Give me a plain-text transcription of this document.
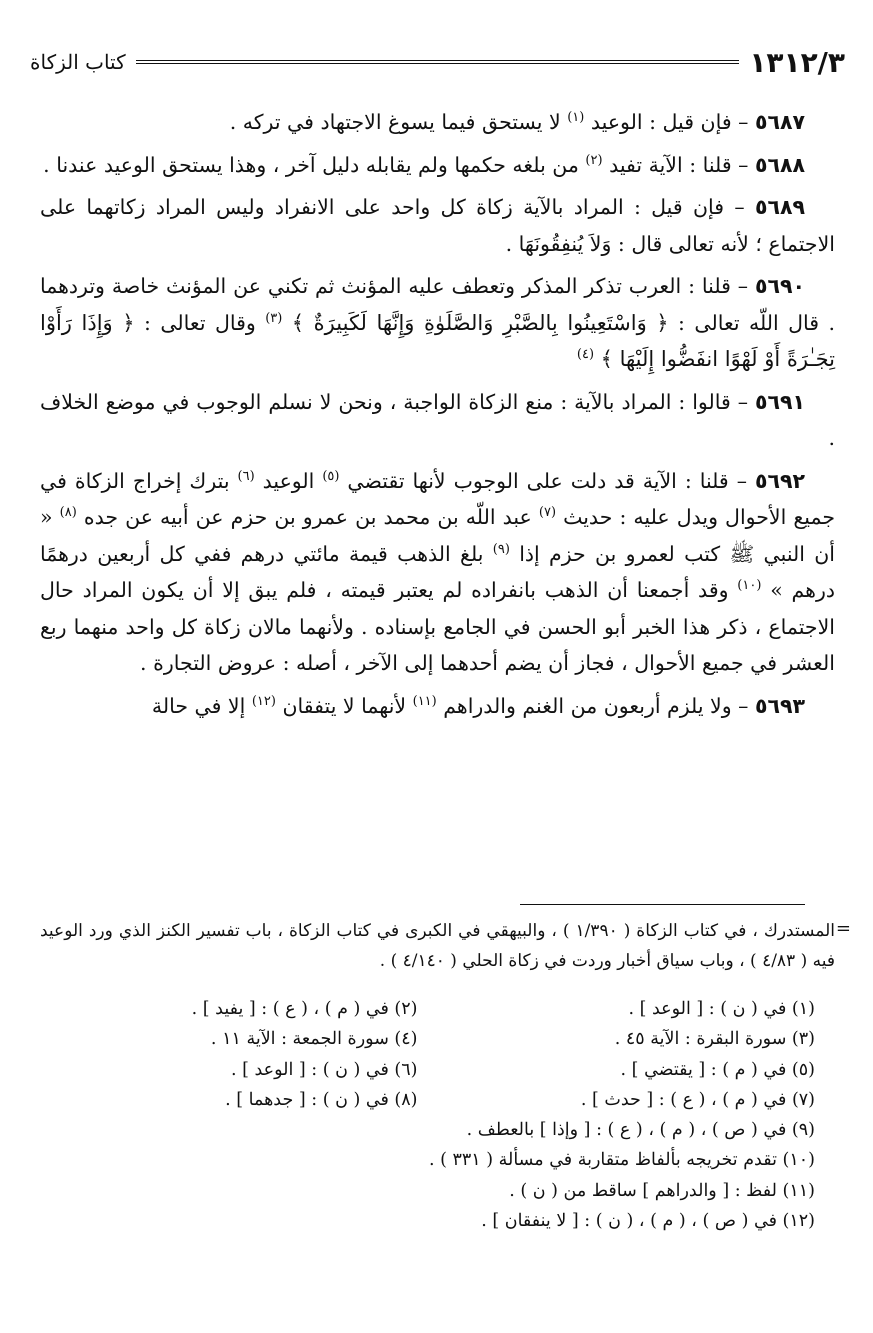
١٣١٢/٣
كتاب الزكاة
٥٦٨٧ – فإن قيل : الوعيد $^{(١)}$ لا يستحق فيما يسوغ الاجتهاد في تركه .
٥٦٨٨ – قلنا : الآية تفيد $^{(٢)}$ من بلغه حكمها ولم يقابله دليل آخر ، وهذا يستحق الوعيد عندنا .
٥٦٨٩ – فإن قيل : المراد بالآية زكاة كل واحد على الانفراد وليس المراد زكاتهما على الاجتماع ؛ لأنه تعالى قال : وَلاَ يُنفِقُونَهَا .
٥٦٩٠ – قلنا : العرب تذكر المذكر وتعطف عليه المؤنث ثم تكني عن المؤنث خاصة وتردهما . قال اللّه تعالى : ﴿ وَاسْتَعِينُوا بِالصَّبْرِ وَالصَّلَوٰةِ وَإِنَّهَا لَكَبِيرَةٌ ﴾ $^{(٣)}$ وقال تعالى : ﴿ وَإِذَا رَأَوْا تِجَـٰرَةً أَوْ لَهْوًا انفَضُّوا إِلَيْهَا ﴾ $^{(٤)}$
٥٦٩١ – قالوا : المراد بالآية : منع الزكاة الواجبة ، ونحن لا نسلم الوجوب في موضع الخلاف .
٥٦٩٢ – قلنا : الآية قد دلت على الوجوب لأنها تقتضي $^{(٥)}$ الوعيد $^{(٦)}$ بترك إخراج الزكاة في جميع الأحوال ويدل عليه : حديث $^{(٧)}$ عبد اللّه بن محمد بن عمرو بن حزم عن أبيه عن جده $^{(٨)}$ « أن النبي ﷺ كتب لعمرو بن حزم إذا $^{(٩)}$ بلغ الذهب قيمة مائتي درهم ففي كل أربعين درهمًا درهم » $^{(١٠)}$ وقد أجمعنا أن الذهب بانفراده لم يعتبر قيمته ، فلم يبق إلا أن يكون المراد حال الاجتماع ، ذكر هذا الخبر أبو الحسن في الجامع بإسناده . ولأنهما مالان زكاة كل واحد منهما ربع العشر في جميع الأحوال ، فجاز أن يضم أحدهما إلى الآخر ، أصله : عروض التجارة .
٥٦٩٣ – ولا يلزم أربعون من الغنم والدراهم $^{(١١)}$ لأنهما لا يتفقان $^{(١٢)}$ إلا في حالة
=
المستدرك ، في كتاب الزكاة ( ١/٣٩٠ ) ، والبيهقي في الكبرى في كتاب الزكاة ، باب تفسير الكنز الذي ورد الوعيد فيه ( ٤/٨٣ ) ، وباب سياق أخبار وردت في زكاة الحلي ( ٤/١٤٠ ) .
(١) في ( ن ) : [ الوعد ] .
(٢) في ( م ) ، ( ع ) : [ يفيد ] .
(٣) سورة البقرة : الآية ٤٥ .
(٤) سورة الجمعة : الآية ١١ .
(٥) في ( م ) : [ يقتضي ] .
(٦) في ( ن ) : [ الوعد ] .
(٧) في ( م ) ، ( ع ) : [ حدث ] .
(٨) في ( ن ) : [ جدهما ] .
(٩) في ( ص ) ، ( م ) ، ( ع ) : [ وإذا ] بالعطف .
(١٠) تقدم تخريجه بألفاظ متقاربة في مسألة ( ٣٣١ ) .
(١١) لفظ : [ والدراهم ] ساقط من ( ن ) .
(١٢) في ( ص ) ، ( م ) ، ( ن ) : [ لا ينفقان ] .
